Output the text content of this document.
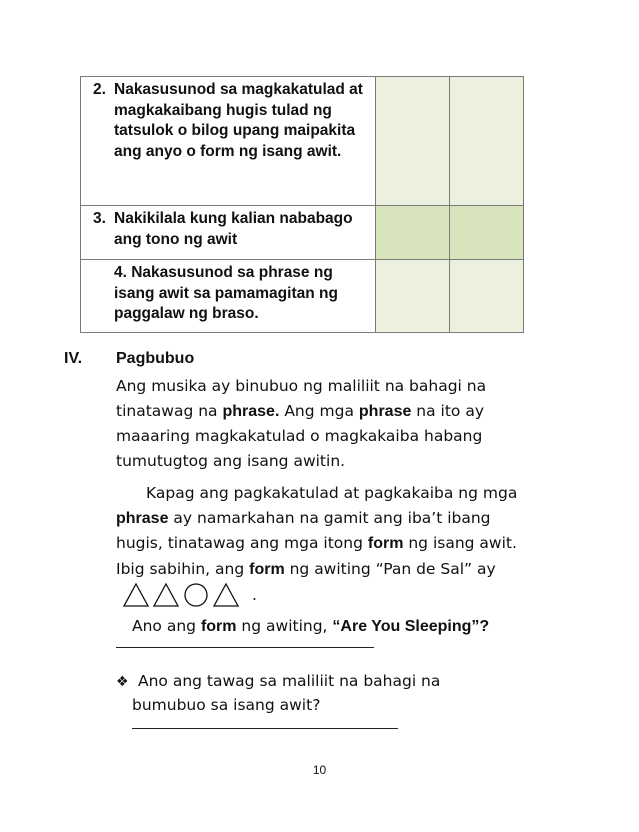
2. Nakasusunod sa magkakatulad at magkakaibang hugis tulad ng tatsulok o bilog upang maipakita ang anyo o form ng isang awit.		

3. Nakikilala kung kalian nababago ang tono ng awit		

4. Nakasusunod sa phrase ng isang awit sa pamamagitan ng paggalaw ng braso.		

IV. Pagbubuo

Ang musika ay binubuo ng maliliit na bahagi na tinatawag na phrase. Ang mga phrase na ito ay maaaring magkakatulad o magkakaiba habang tumutugtog ang isang awitin.

Kapag ang pagkakatulad at pagkakaiba ng mga phrase ay namarkahan na gamit ang iba’t ibang hugis, tinatawag ang mga itong form ng isang awit. Ibig sabihin, ang form ng awiting “Pan de Sal” ay
.

Ano ang form ng awiting, “Are You Sleeping”?

❖ Ano ang tawag sa maliliit na bahagi na
bumubuo sa isang awit?

10
